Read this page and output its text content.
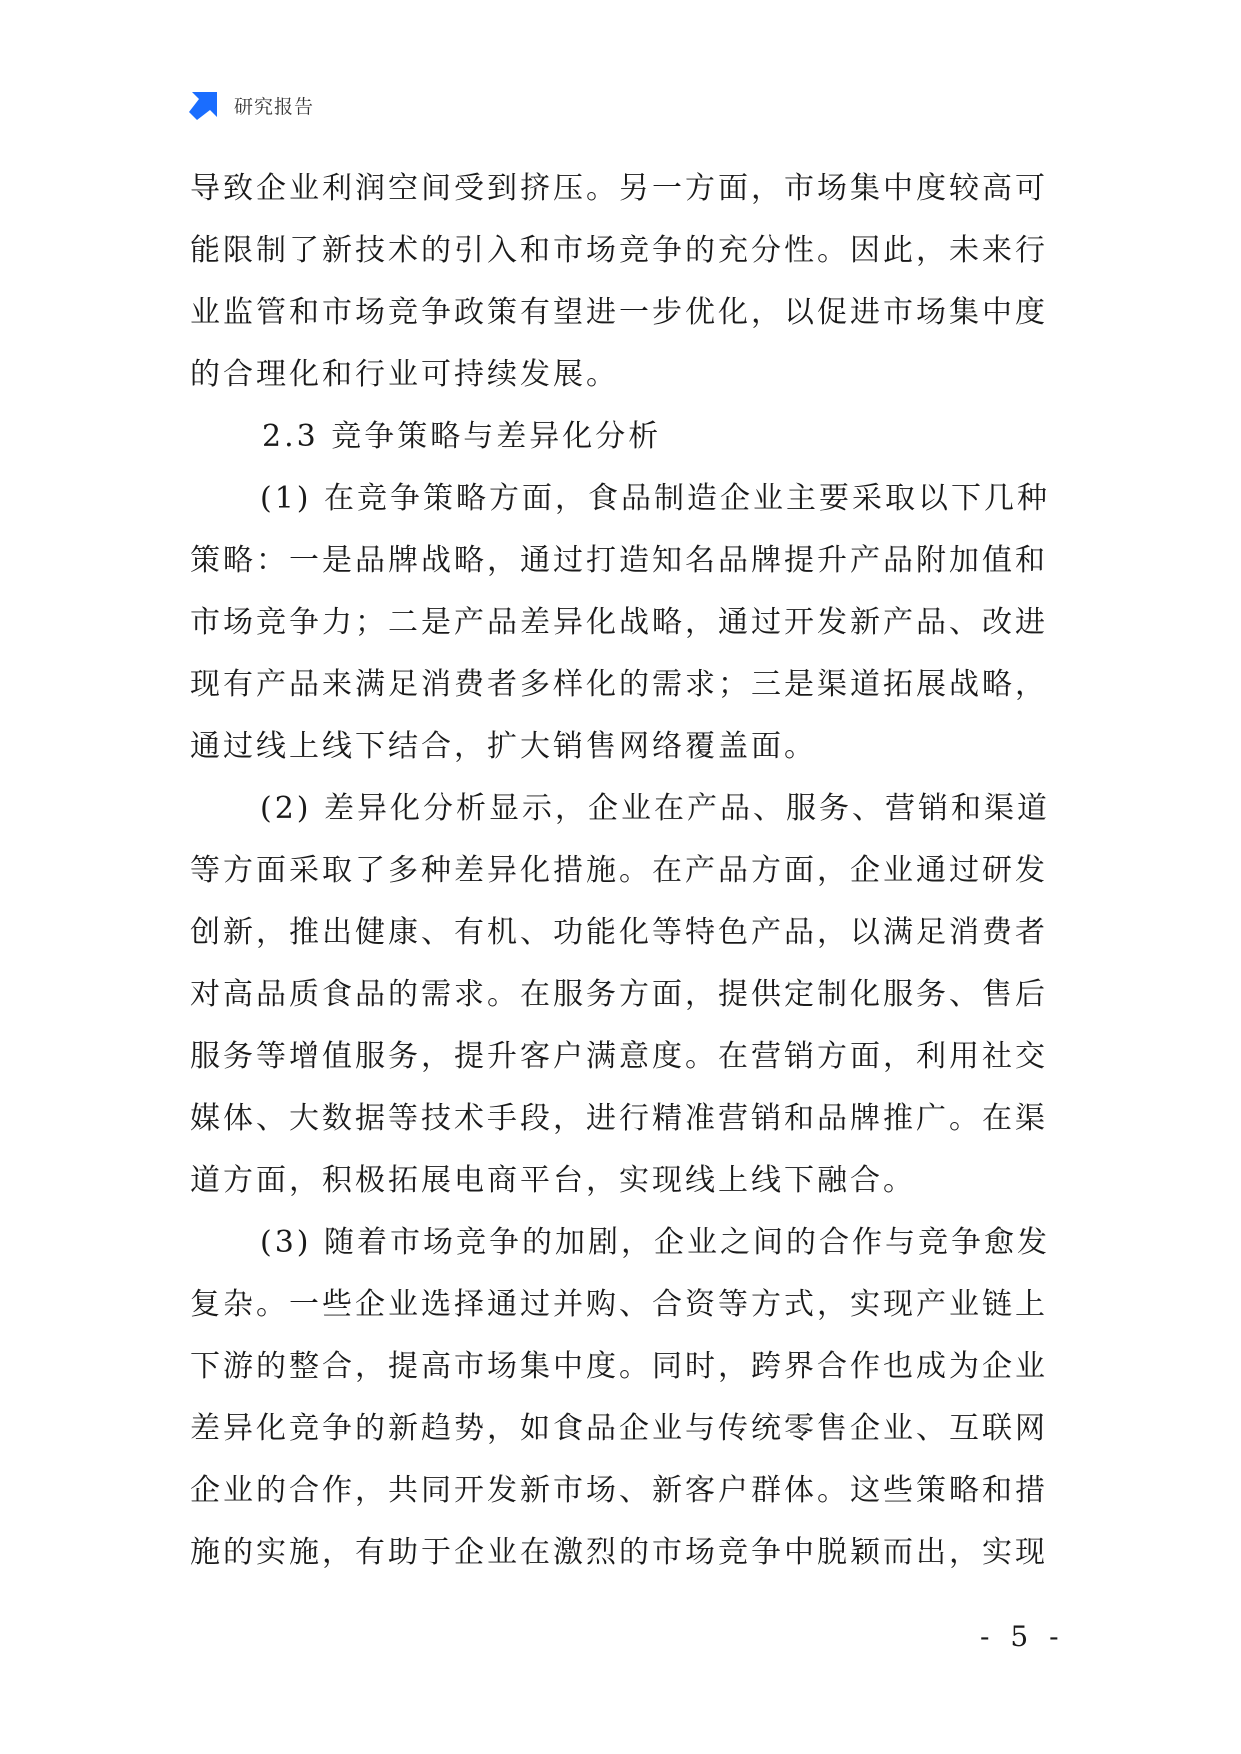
研究报告
导致企业利润空间受到挤压。另一方面，市场集中度较高可
能限制了新技术的引入和市场竞争的充分性。因此，未来行
业监管和市场竞争政策有望进一步优化，以促进市场集中度
的合理化和行业可持续发展。
2.3 竞争策略与差异化分析
(1) 在竞争策略方面，食品制造企业主要采取以下几种
策略：一是品牌战略，通过打造知名品牌提升产品附加值和
市场竞争力；二是产品差异化战略，通过开发新产品、改进
现有产品来满足消费者多样化的需求；三是渠道拓展战略，
通过线上线下结合，扩大销售网络覆盖面。
(2) 差异化分析显示，企业在产品、服务、营销和渠道
等方面采取了多种差异化措施。在产品方面，企业通过研发
创新，推出健康、有机、功能化等特色产品，以满足消费者
对高品质食品的需求。在服务方面，提供定制化服务、售后
服务等增值服务，提升客户满意度。在营销方面，利用社交
媒体、大数据等技术手段，进行精准营销和品牌推广。在渠
道方面，积极拓展电商平台，实现线上线下融合。
(3) 随着市场竞争的加剧，企业之间的合作与竞争愈发
复杂。一些企业选择通过并购、合资等方式，实现产业链上
下游的整合，提高市场集中度。同时，跨界合作也成为企业
差异化竞争的新趋势，如食品企业与传统零售企业、互联网
企业的合作，共同开发新市场、新客户群体。这些策略和措
施的实施，有助于企业在激烈的市场竞争中脱颖而出，实现
- 5 -
